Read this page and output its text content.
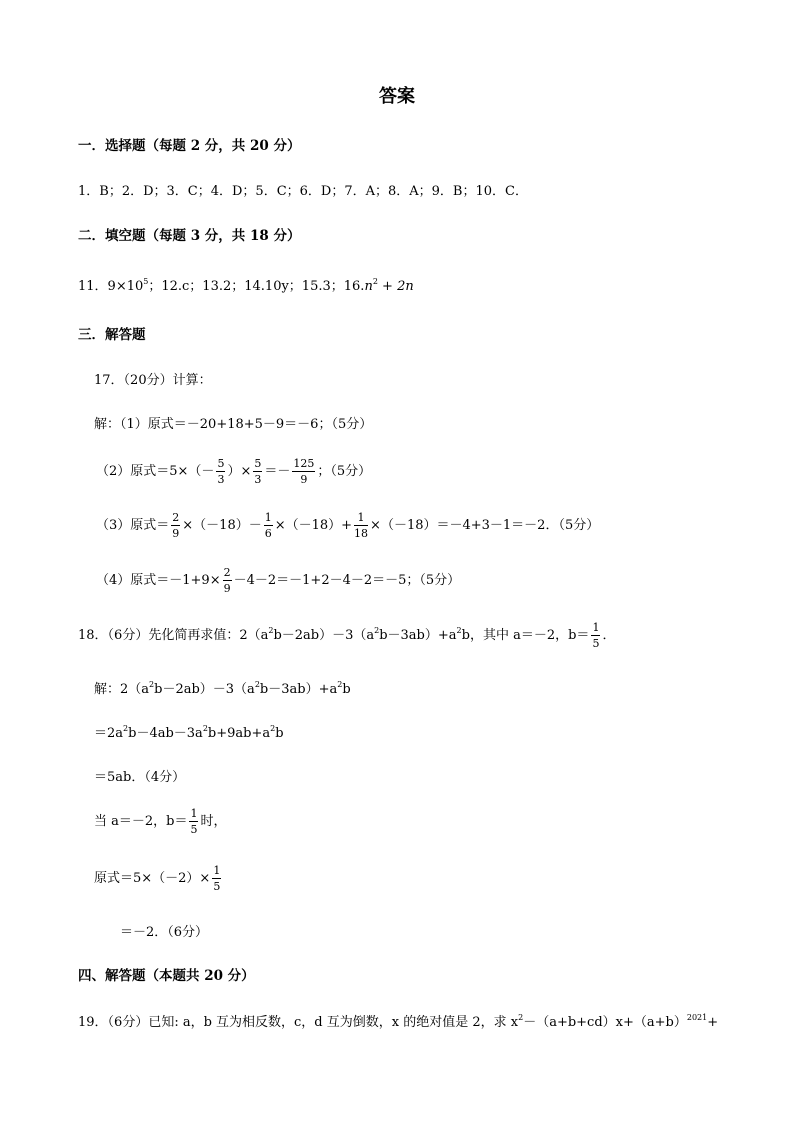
答案
一．选择题（每题 2 分，共 20 分）
1．B；2．D；3．C；4．D；5．C；6．D；7．A；8．A；9．B；10．C．
二．填空题（每题 3 分，共 18 分）
11．$9\times 10^5$；12.c；13.2；14.10y；15.3；$16.n^2 + 2n$
三．解答题
17．（20分）计算：
解：（1）原式＝－20+18+5－9＝－6；（5分）
（2）原式$=5\times(- \frac{5}{3}$ ）× $\frac{5}{3} =- \frac{125}{9}$ ；（5分）
（3）原式＝ $\frac{2}{9} \times(-18)- \frac{1}{6} \times(-18)+ \frac{1}{18} \times(-18)=-4+3-1=-2$．（5分）
（4）原式$=-1+9\times \frac{2}{9} -4-2=-1+2-4-2=-5$；（5分）
18．（6分）先化简再求值：$2(a^2b-2ab)-3(a^2b-3ab)+a^2b$，其中 a＝－2，$b= \frac{1}{5}$ ．
解：$2(a^2b-2ab)-3(a^2b-3ab)+a^2b$
$=2a^2b-4ab-3a^2b+9ab+a^2b$
＝5ab．（4分）
当 a＝－2，$b= \frac{1}{5}$ 时，
原式$=5\times(-2)\times \frac{1}{5}$
＝－2．（6分）
四、解答题（本题共 20 分）
19．（6分）已知: a，b 互为相反数，c，d 互为倒数，x 的绝对值是 2，求 $x^2-(a+b+cd)x+(a+b)^{2021}+$
